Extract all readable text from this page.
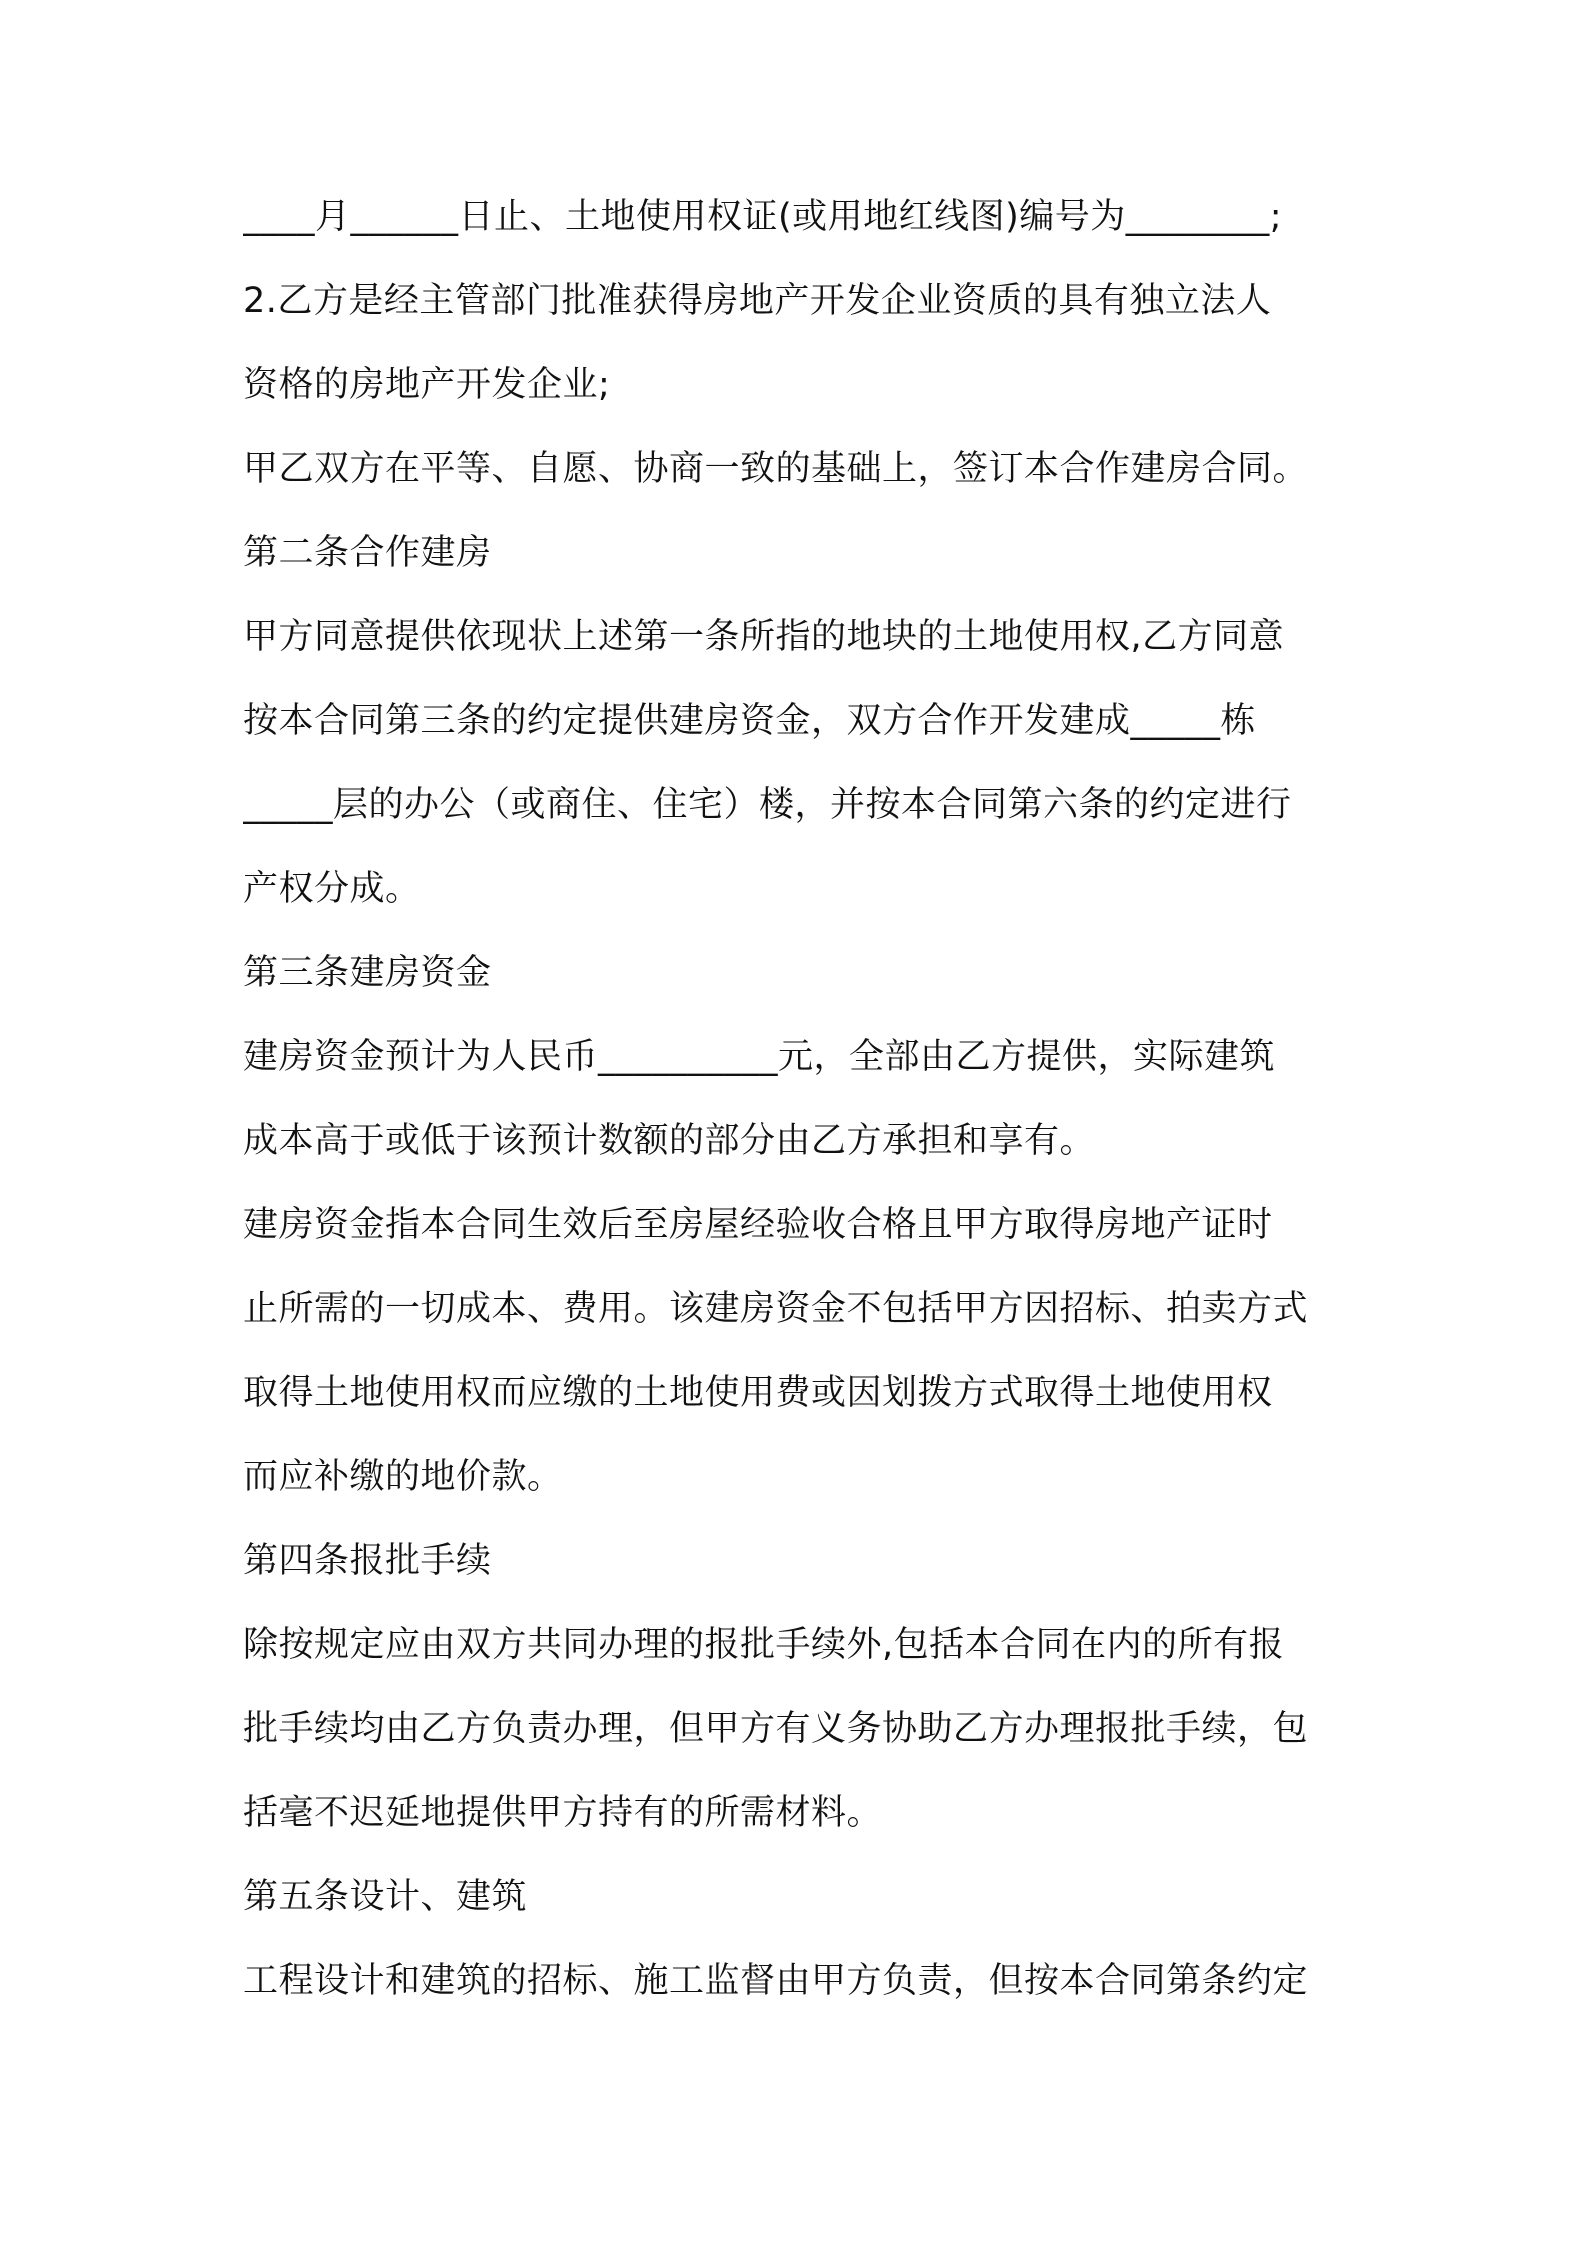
____月______日止、土地使用权证(或用地红线图)编号为________;

2.乙方是经主管部门批准获得房地产开发企业资质的具有独立法人

资格的房地产开发企业;

甲乙双方在平等、自愿、协商一致的基础上，签订本合作建房合同。

第二条合作建房

甲方同意提供依现状上述第一条所指的地块的土地使用权,乙方同意

按本合同第三条的约定提供建房资金，双方合作开发建成_____栋

_____层的办公（或商住、住宅）楼，并按本合同第六条的约定进行

产权分成。

第三条建房资金

建房资金预计为人民币__________元，全部由乙方提供，实际建筑

成本高于或低于该预计数额的部分由乙方承担和享有。

建房资金指本合同生效后至房屋经验收合格且甲方取得房地产证时

止所需的一切成本、费用。该建房资金不包括甲方因招标、拍卖方式

取得土地使用权而应缴的土地使用费或因划拨方式取得土地使用权

而应补缴的地价款。

第四条报批手续

除按规定应由双方共同办理的报批手续外,包括本合同在内的所有报

批手续均由乙方负责办理，但甲方有义务协助乙方办理报批手续，包

括毫不迟延地提供甲方持有的所需材料。

第五条设计、建筑

工程设计和建筑的招标、施工监督由甲方负责，但按本合同第条约定
